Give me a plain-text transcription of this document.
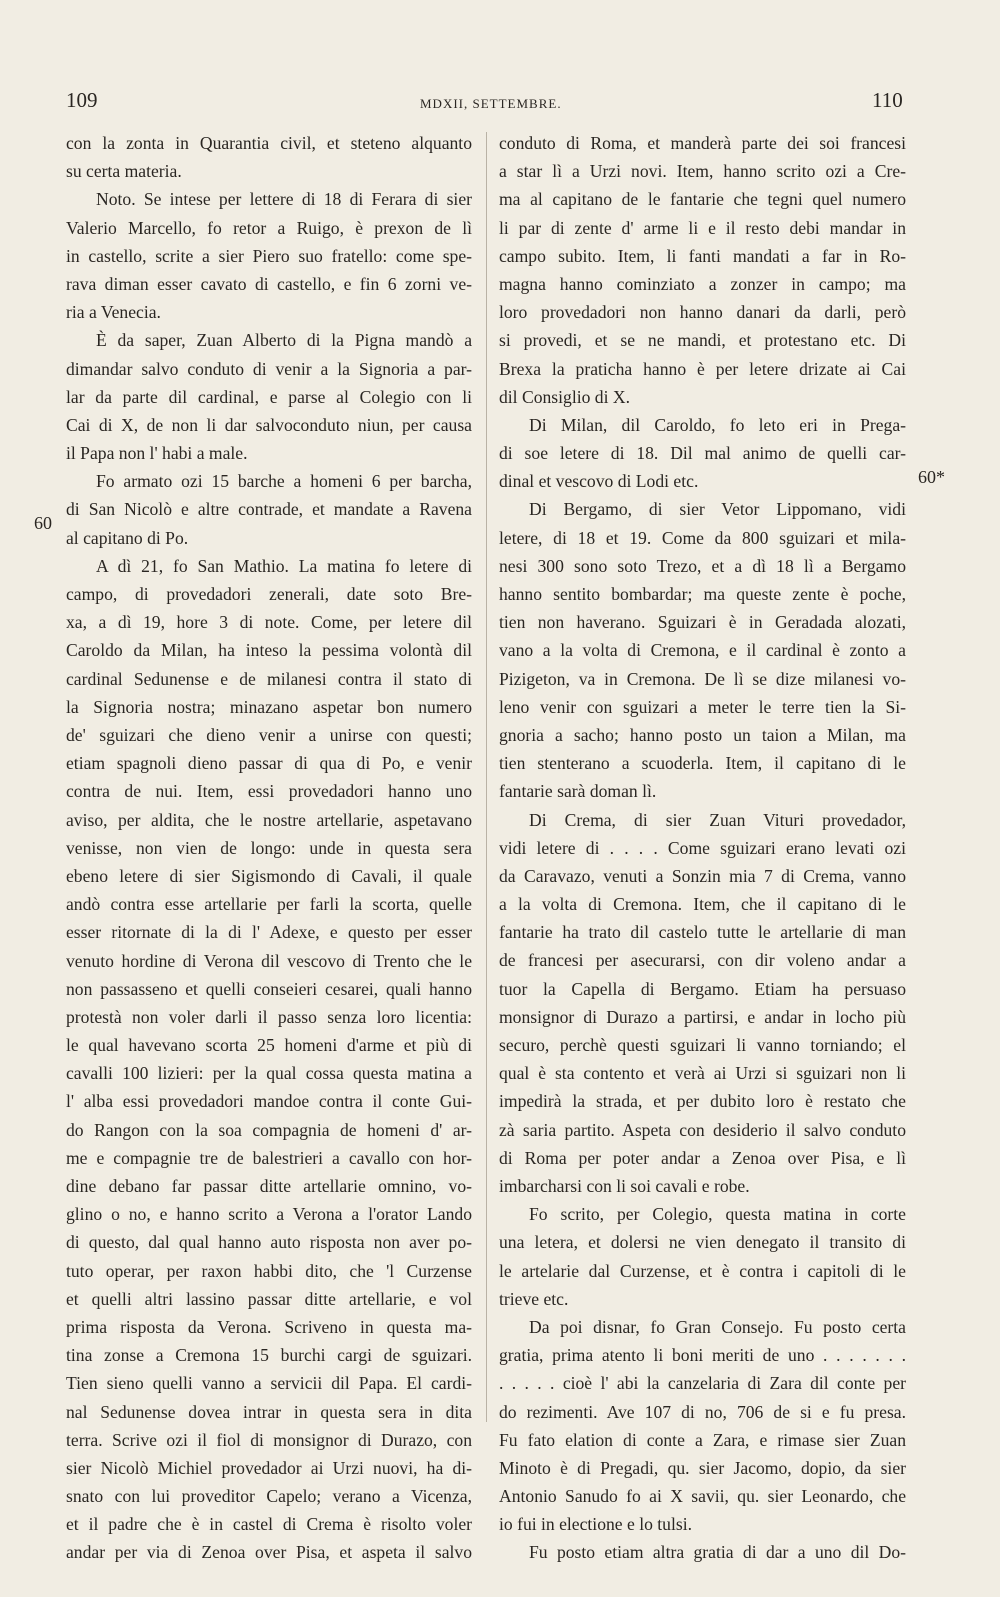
109	MDXII, SETTEMBRE.	110
60
60*
con la zonta in Quarantia civil, et steteno alquanto
su certa materia.
Noto. Se intese per lettere di 18 di Ferara di sier
Valerio Marcello, fo retor a Ruigo, è prexon de lì
in castello, scrite a sier Piero suo fratello: come spe-
rava diman esser cavato di castello, e fin 6 zorni ve-
ria a Venecia.
È da saper, Zuan Alberto di la Pigna mandò a
dimandar salvo conduto di venir a la Signoria a par-
lar da parte dil cardinal, e parse al Colegio con li
Cai di X, de non li dar salvoconduto niun, per causa
il Papa non l' habi a male.
Fo armato ozi 15 barche a homeni 6 per barcha,
di San Nicolò e altre contrade, et mandate a Ravena
al capitano di Po.
A dì 21, fo San Mathio. La matina fo letere di
campo, di provedadori zenerali, date soto Bre-
xa, a dì 19, hore 3 di note. Come, per letere dil
Caroldo da Milan, ha inteso la pessima volontà dil
cardinal Sedunense e de milanesi contra il stato di
la Signoria nostra; minazano aspetar bon numero
de' sguizari che dieno venir a unirse con questi;
etiam spagnoli dieno passar di qua di Po, e venir
contra de nui. Item, essi provedadori hanno uno
aviso, per aldita, che le nostre artellarie, aspetavano
venisse, non vien de longo: unde in questa sera
ebeno letere di sier Sigismondo di Cavali, il quale
andò contra esse artellarie per farli la scorta, quelle
esser ritornate di la di l' Adexe, e questo per esser
venuto hordine di Verona dil vescovo di Trento che le
non passasseno et quelli conseieri cesarei, quali hanno
protestà non voler darli il passo senza loro licentia:
le qual havevano scorta 25 homeni d'arme et più di
cavalli 100 lizieri: per la qual cossa questa matina a
l' alba essi provedadori mandoe contra il conte Gui-
do Rangon con la soa compagnia de homeni d' ar-
me e compagnie tre de balestrieri a cavallo con hor-
dine debano far passar ditte artellarie omnino, vo-
glino o no, e hanno scrito a Verona a l'orator Lando
di questo, dal qual hanno auto risposta non aver po-
tuto operar, per raxon habbi dito, che 'l Curzense
et quelli altri lassino passar ditte artellarie, e vol
prima risposta da Verona. Scriveno in questa ma-
tina zonse a Cremona 15 burchi cargi de sguizari.
Tien sieno quelli vanno a servicii dil Papa. El cardi-
nal Sedunense dovea intrar in questa sera in dita
terra. Scrive ozi il fiol di monsignor di Durazo, con
sier Nicolò Michiel provedador ai Urzi nuovi, ha di-
snato con lui proveditor Capelo; verano a Vicenza,
et il padre che è in castel di Crema è risolto voler
andar per via di Zenoa over Pisa, et aspeta il salvo
conduto di Roma, et manderà parte dei soi francesi
a star lì a Urzi novi. Item, hanno scrito ozi a Cre-
ma al capitano de le fantarie che tegni quel numero
li par di zente d' arme li e il resto debi mandar in
campo subito. Item, li fanti mandati a far in Ro-
magna hanno cominziato a zonzer in campo; ma
loro provedadori non hanno danari da darli, però
si provedi, et se ne mandi, et protestano etc. Di
Brexa la praticha hanno è per letere drizate ai Cai
dil Consiglio di X.
Di Milan, dil Caroldo, fo leto eri in Prega-
di soe letere di 18. Dil mal animo de quelli car-
dinal et vescovo di Lodi etc.
Di Bergamo, di sier Vetor Lippomano, vidi
letere, di 18 et 19. Come da 800 sguizari et mila-
nesi 300 sono soto Trezo, et a dì 18 lì a Bergamo
hanno sentito bombardar; ma queste zente è poche,
tien non haverano. Sguizari è in Geradada alozati,
vano a la volta di Cremona, e il cardinal è zonto a
Pizigeton, va in Cremona. De lì se dize milanesi vo-
leno venir con sguizari a meter le terre tien la Si-
gnoria a sacho; hanno posto un taion a Milan, ma
tien stenterano a scuoderla. Item, il capitano di le
fantarie sarà doman lì.
Di Crema, di sier Zuan Vituri provedador,
vidi letere di . . . . Come sguizari erano levati ozi
da Caravazo, venuti a Sonzin mia 7 di Crema, vanno
a la volta di Cremona. Item, che il capitano di le
fantarie ha trato dil castelo tutte le artellarie di man
de francesi per asecurarsi, con dir voleno andar a
tuor la Capella di Bergamo. Etiam ha persuaso
monsignor di Durazo a partirsi, e andar in locho più
securo, perchè questi sguizari li vanno torniando; el
qual è sta contento et verà ai Urzi si sguizari non li
impedirà la strada, et per dubito loro è restato che
zà saria partito. Aspeta con desiderio il salvo conduto
di Roma per poter andar a Zenoa over Pisa, e lì
imbarcharsi con li soi cavali e robe.
Fo scrito, per Colegio, questa matina in corte
una letera, et dolersi ne vien denegato il transito di
le artelarie dal Curzense, et è contra i capitoli di le
trieve etc.
Da poi disnar, fo Gran Consejo. Fu posto certa
gratia, prima atento li boni meriti de uno . . . . . . .
. . . . . cioè l' abi la canzelaria di Zara dil conte per
do rezimenti. Ave 107 di no, 706 de si e fu presa.
Fu fato elation di conte a Zara, e rimase sier Zuan
Minoto è di Pregadi, qu. sier Jacomo, dopio, da sier
Antonio Sanudo fo ai X savii, qu. sier Leonardo, che
io fui in electione e lo tulsi.
Fu posto etiam altra gratia di dar a uno dil Do-
